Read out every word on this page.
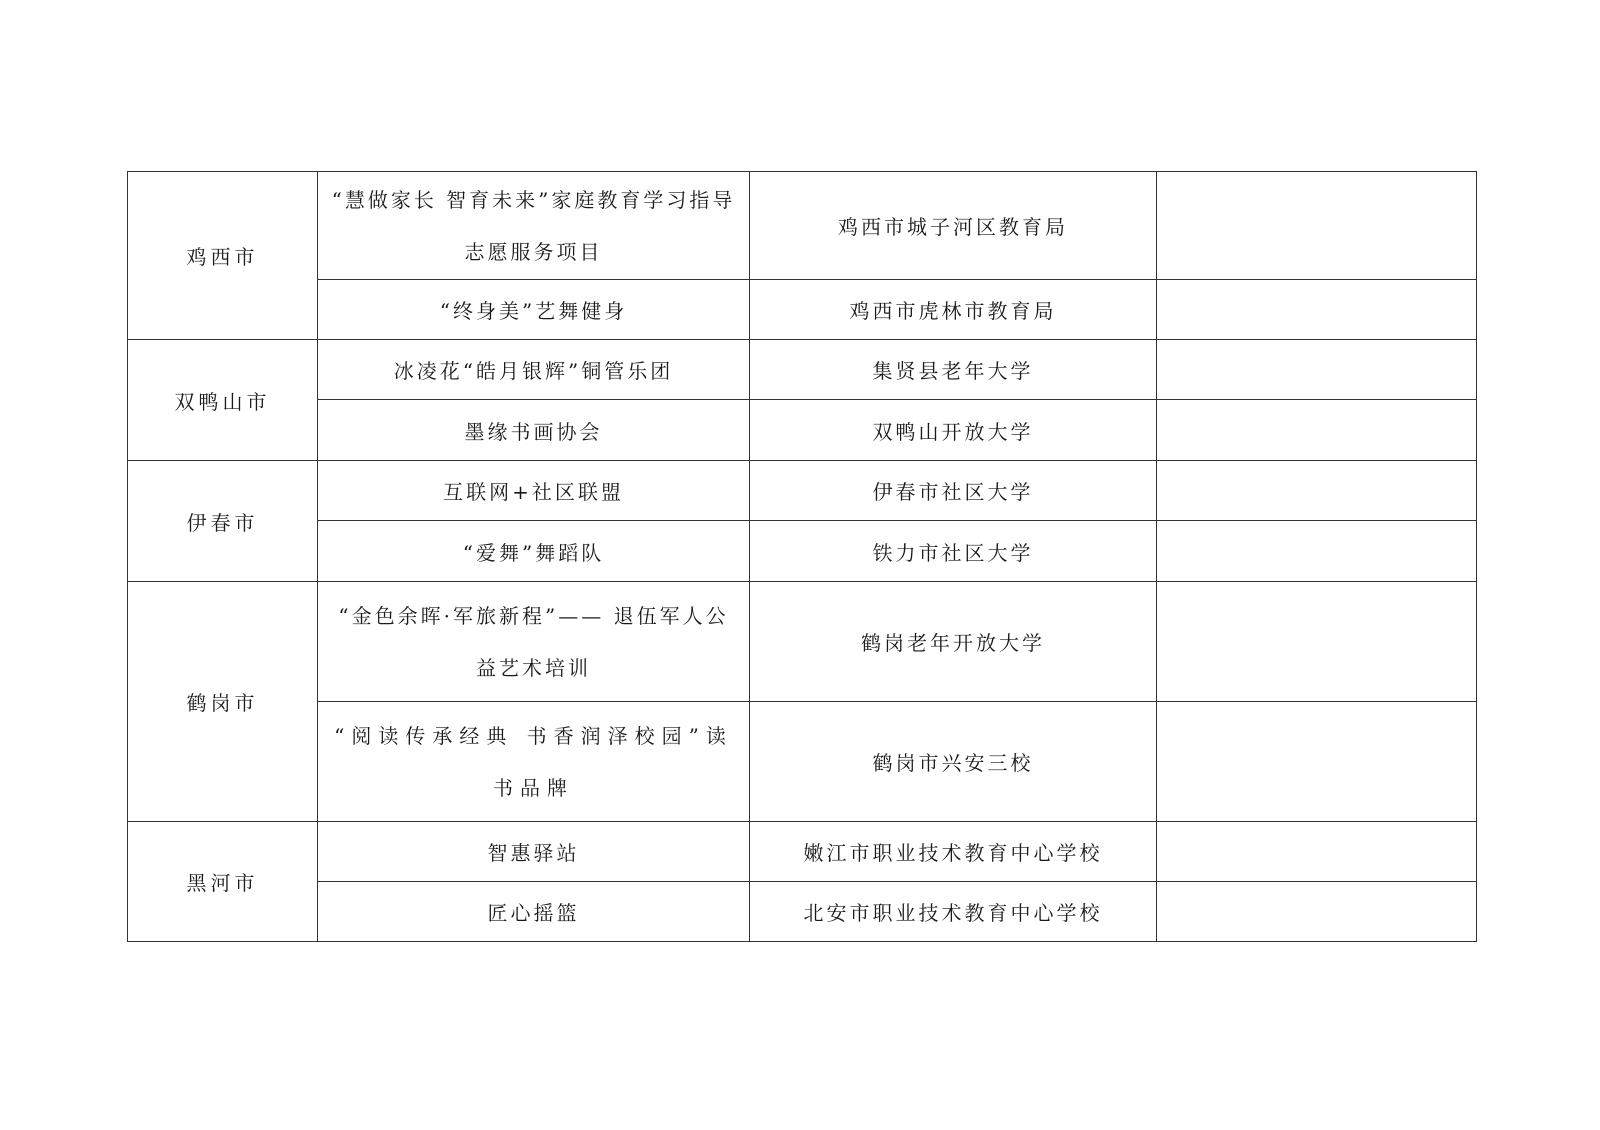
鸡西市	“慧做家长 智育未来”家庭教育学习指导志愿服务项目	鸡西市城子河区教育局	
	“终身美”艺舞健身	鸡西市虎林市教育局	
双鸭山市	冰凌花“皓月银辉”铜管乐团	集贤县老年大学	
	墨缘书画协会	双鸭山开放大学	
伊春市	互联网+社区联盟	伊春市社区大学	
	“爱舞”舞蹈队	铁力市社区大学	
鹤岗市	“金色余晖·军旅新程”—— 退伍军人公益艺术培训	鹤岗老年开放大学	
	“阅读传承经典 书香润泽校园”读书品牌	鹤岗市兴安三校	
黑河市	智惠驿站	嫩江市职业技术教育中心学校	
	匠心摇篮	北安市职业技术教育中心学校	
